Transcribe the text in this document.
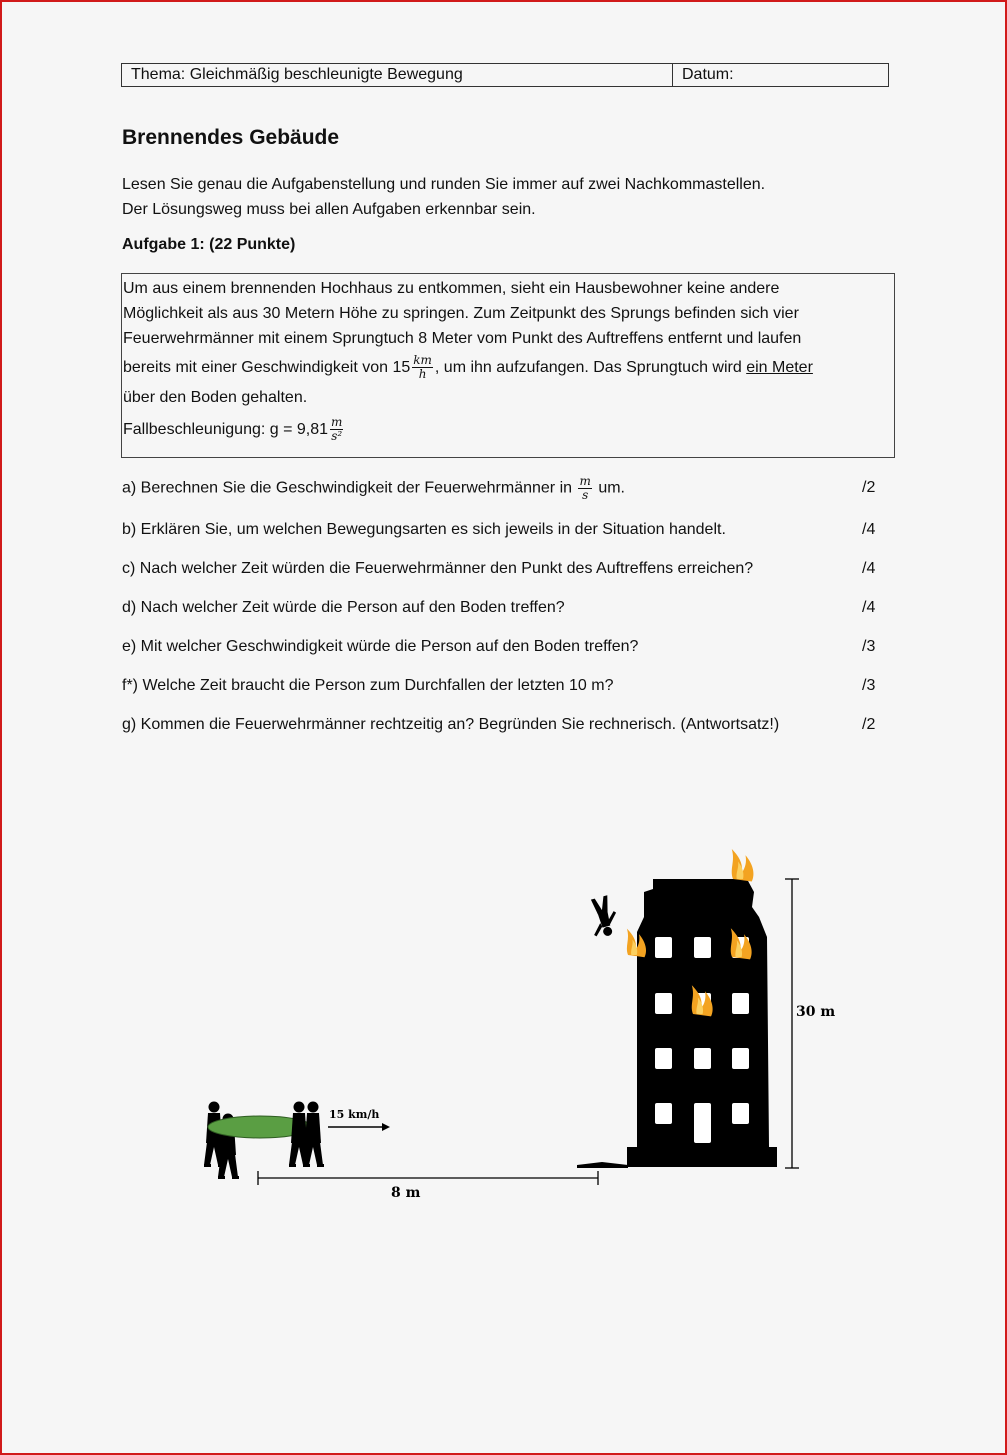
Thema: Gleichmäßig beschleunigte Bewegung	Datum:
Brennendes Gebäude
Lesen Sie genau die Aufgabenstellung und runden Sie immer auf zwei Nachkommastellen.
Der Lösungsweg muss bei allen Aufgaben erkennbar sein.
Aufgabe 1: (22 Punkte)
Um aus einem brennenden Hochhaus zu entkommen, sieht ein Hausbewohner keine andere
Möglichkeit als aus 30 Metern Höhe zu springen. Zum Zeitpunkt des Sprungs befinden sich vier
Feuerwehrmänner mit einem Sprungtuch 8 Meter vom Punkt des Auftreffens entfernt und laufen
bereits mit einer Geschwindigkeit von $15 \frac{km}{h}$ , um ihn aufzufangen. Das Sprungtuch wird ein Meter
über den Boden gehalten.
Fallbeschleunigung: $g = 9,81 \frac{m}{\text{s²}}$
a) Berechnen Sie die Geschwindigkeit der Feuerwehrmänner in $\frac{m}{s}$ um.	/2
b) Erklären Sie, um welchen Bewegungsarten es sich jeweils in der Situation handelt.	/4
c) Nach welcher Zeit würden die Feuerwehrmänner den Punkt des Auftreffens erreichen?	/4
d) Nach welcher Zeit würde die Person auf den Boden treffen?	/4
e) Mit welcher Geschwindigkeit würde die Person auf den Boden treffen?	/3
f*) Welche Zeit braucht die Person zum Durchfallen der letzten 10 m?	/3
g) Kommen die Feuerwehrmänner rechtzeitig an? Begründen Sie rechnerisch. (Antwortsatz!)	/2
30 m
15 km/h
8 m
